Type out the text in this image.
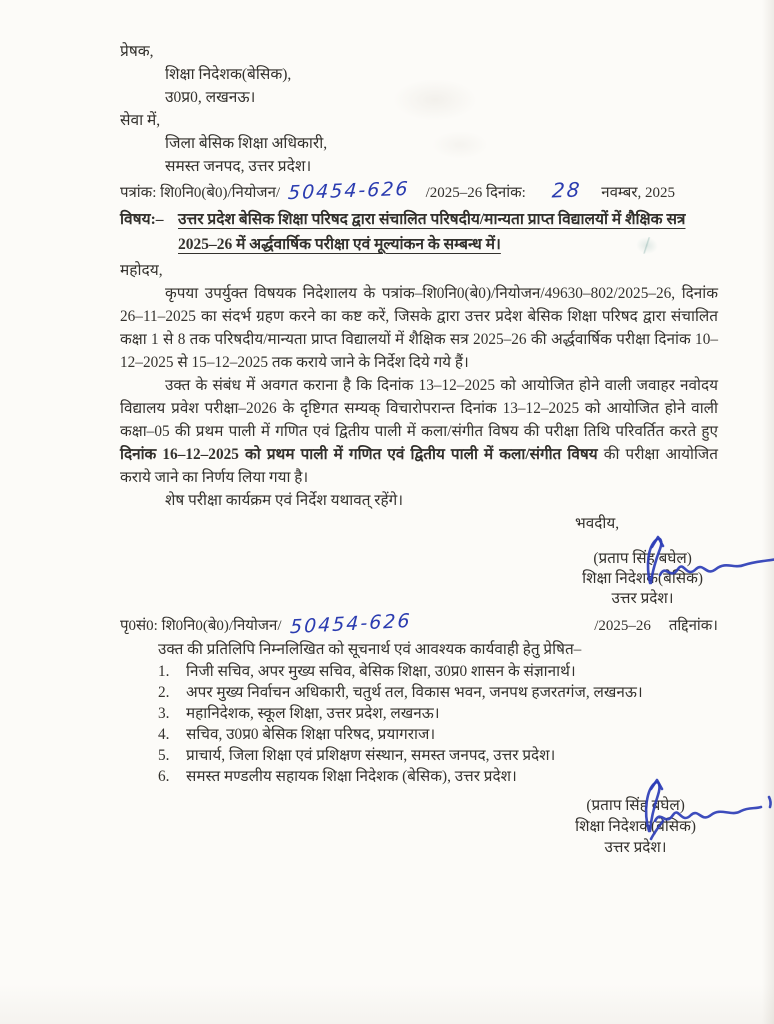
प्रेषक,
शिक्षा निदेशक(बेसिक),
उ0प्र0, लखनऊ।
सेवा में,
जिला बेसिक शिक्षा अधिकारी,
समस्त जनपद, उत्तर प्रदेश।
पत्रांक: शि0नि0(बे0)/नियोजन/ 50454-626 /2025–26 दिनांक: 28 नवम्बर, 2025
विषय:– उत्तर प्रदेश बेसिक शिक्षा परिषद द्वारा संचालित परिषदीय/मान्यता प्राप्त विद्यालयों में शैक्षिक सत्र 2025–26 में अर्द्धवार्षिक परीक्षा एवं मूल्यांकन के सम्बन्ध में।
महोदय,

कृपया उपर्युक्त विषयक निदेशालय के पत्रांक–शि0नि0(बे0)/नियोजन/49630–802/2025–26, दिनांक 26–11–2025 का संदर्भ ग्रहण करने का कष्ट करें, जिसके द्वारा उत्तर प्रदेश बेसिक शिक्षा परिषद द्वारा संचालित कक्षा 1 से 8 तक परिषदीय/मान्यता प्राप्त विद्यालयों में शैक्षिक सत्र 2025–26 की अर्द्धवार्षिक परीक्षा दिनांक 10–12–2025 से 15–12–2025 तक कराये जाने के निर्देश दिये गये हैं।

उक्त के संबंध में अवगत कराना है कि दिनांक 13–12–2025 को आयोजित होने वाली जवाहर नवोदय विद्यालय प्रवेश परीक्षा–2026 के दृष्टिगत सम्यक् विचारोपरान्त दिनांक 13–12–2025 को आयोजित होने वाली कक्षा–05 की प्रथम पाली में गणित एवं द्वितीय पाली में कला/संगीत विषय की परीक्षा तिथि परिवर्तित करते हुए दिनांक 16–12–2025 को प्रथम पाली में गणित एवं द्वितीय पाली में कला/संगीत विषय की परीक्षा आयोजित कराये जाने का निर्णय लिया गया है।

शेष परीक्षा कार्यक्रम एवं निर्देश यथावत् रहेंगे।
भवदीय,
(प्रताप सिंह बघेल)
शिक्षा निदेशक(बेसिक)
उत्तर प्रदेश।
पृ0सं0: शि0नि0(बे0)/नियोजन/ 50454-626	/2025–26 तद्दिनांक।
उक्त की प्रतिलिपि निम्नलिखित को सूचनार्थ एवं आवश्यक कार्यवाही हेतु प्रेषित–
1.	निजी सचिव, अपर मुख्य सचिव, बेसिक शिक्षा, उ0प्र0 शासन के संज्ञानार्थ।
2.	अपर मुख्य निर्वाचन अधिकारी, चतुर्थ तल, विकास भवन, जनपथ हजरतगंज, लखनऊ।
3.	महानिदेशक, स्कूल शिक्षा, उत्तर प्रदेश, लखनऊ।
4.	सचिव, उ0प्र0 बेसिक शिक्षा परिषद, प्रयागराज।
5.	प्राचार्य, जिला शिक्षा एवं प्रशिक्षण संस्थान, समस्त जनपद, उत्तर प्रदेश।
6.	समस्त मण्डलीय सहायक शिक्षा निदेशक (बेसिक), उत्तर प्रदेश।
(प्रताप सिंह बघेल)
शिक्षा निदेशक(बेसिक)
उत्तर प्रदेश।
